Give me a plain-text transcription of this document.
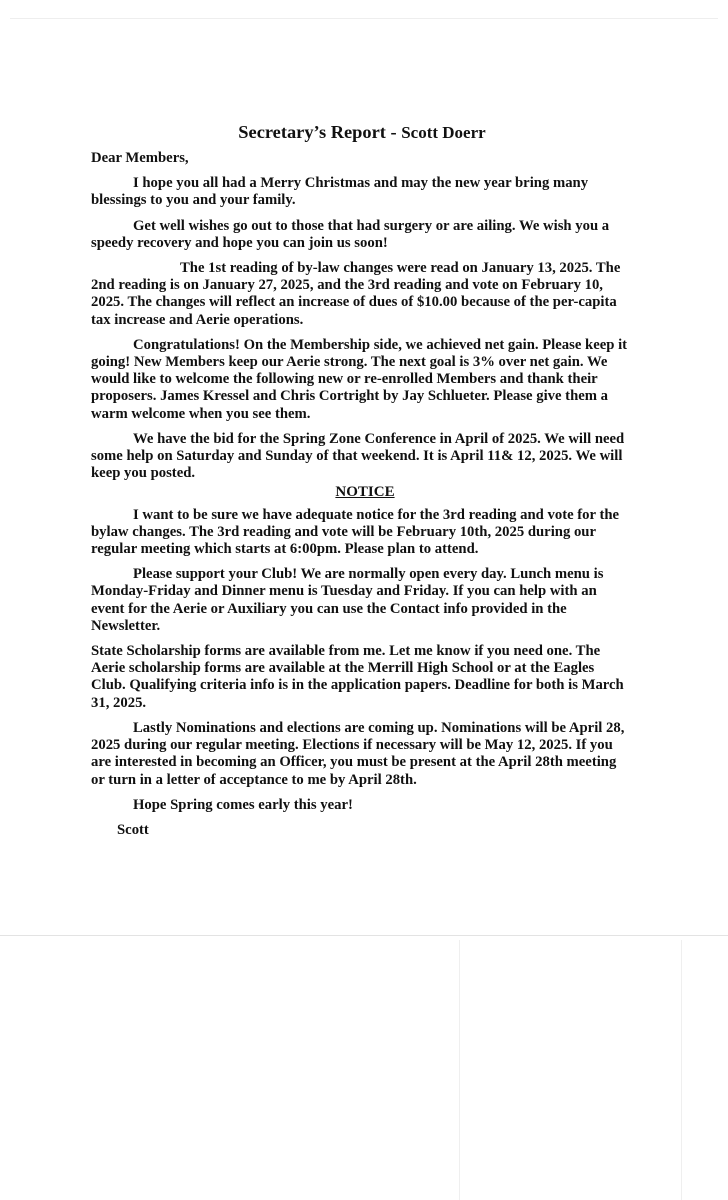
Secretary’s Report - Scott Doerr

Dear Members,

I hope you all had a Merry Christmas and may the new year bring many blessings to you and your family.

Get well wishes go out to those that had surgery or are ailing. We wish you a speedy recovery and hope you can join us soon!

The 1st reading of by-law changes were read on January 13, 2025. The 2nd reading is on January 27, 2025, and the 3rd reading and vote on February 10, 2025. The changes will reflect an increase of dues of $10.00 because of the per-capita tax increase and Aerie operations.

Congratulations! On the Membership side, we achieved net gain. Please keep it going! New Members keep our Aerie strong. The next goal is 3% over net gain. We would like to welcome the following new or re-enrolled Members and thank their proposers. James Kressel and Chris Cortright by Jay Schlueter. Please give them a warm welcome when you see them.

We have the bid for the Spring Zone Conference in April of 2025. We will need some help on Saturday and Sunday of that weekend. It is April 11& 12, 2025. We will keep you posted.

NOTICE

I want to be sure we have adequate notice for the 3rd reading and vote for the bylaw changes. The 3rd reading and vote will be February 10th, 2025 during our regular meeting which starts at 6:00pm. Please plan to attend.

Please support your Club! We are normally open every day. Lunch menu is Monday-Friday and Dinner menu is Tuesday and Friday. If you can help with an event for the Aerie or Auxiliary you can use the Contact info provided in the Newsletter.

State Scholarship forms are available from me. Let me know if you need one. The Aerie scholarship forms are available at the Merrill High School or at the Eagles Club. Qualifying criteria info is in the application papers. Deadline for both is March 31, 2025.

Lastly Nominations and elections are coming up. Nominations will be April 28, 2025 during our regular meeting. Elections if necessary will be May 12, 2025. If you are interested in becoming an Officer, you must be present at the April 28th meeting or turn in a letter of acceptance to me by April 28th.

Hope Spring comes early this year!

Scott
